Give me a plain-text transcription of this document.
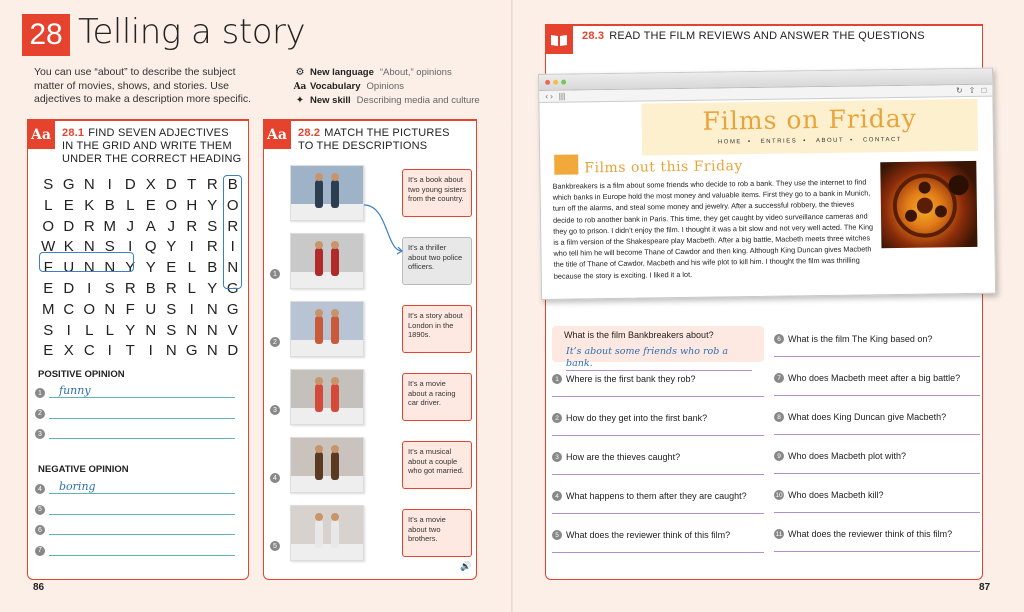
28 Telling a story
You can use “about” to describe the subject matter of movies, shows, and stories. Use adjectives to make a description more specific.
⚙ New language “About,” opinions
Aa Vocabulary Opinions
✦ New skill Describing media and culture
Aa	28.1 FIND SEVEN ADJECTIVES IN THE GRID AND WRITE THEM UNDER THE CORRECT HEADING
S G N I D X D T R B
L E K B L E O H Y O
O D R M J A J R S R
W K N S I Q Y I R I
F U N N Y Y E L B N
E D I S R B R L Y G
M C O N F U S I N G
S I L L Y N S N N V
E X C I T I N G N D
POSITIVE OPINION
1	funny
2
3
NEGATIVE OPINION
4	boring
5
6
7
Aa	28.2 MATCH THE PICTURES TO THE DESCRIPTIONS
It’s a book about two young sisters from the country.
1
It’s a thriller about two police officers.
2
It’s a story about London in the 1890s.
3
It’s a movie about a racing car driver.
4
It’s a musical about a couple who got married.
5
It’s a movie about two brothers.
🔊
86
28.3 READ THE FILM REVIEWS AND ANSWER THE QUESTIONS
‹ › |||
↻ ⇧ □
Films on Friday
HOME • ENTRIES • ABOUT • CONTACT
Films out this Friday
Bankbreakers is a film about some friends who decide to rob a bank. They use the internet to find which banks in Europe hold the most money and valuable items. First they go to a bank in Munich, turn off the alarms, and steal some money and jewelry. After a successful robbery, the thieves decide to rob another bank in Paris. This time, they get caught by video surveillance cameras and they go to prison. I didn’t enjoy the film. I thought it was a bit slow and not very well acted. The King is a film version of the Shakespeare play Macbeth. After a big battle, Macbeth meets three witches who tell him he will become Thane of Cawdor and then king. Although King Duncan gives Macbeth the title of Thane of Cawdor, Macbeth and his wife plot to kill him. I thought the film was thrilling because the story is exciting. I liked it a lot.
What is the film Bankbreakers about?
It’s about some friends who rob a bank.
1 Where is the first bank they rob?
2 How do they get into the first bank?
3 How are the thieves caught?
4 What happens to them after they are caught?
5 What does the reviewer think of this film?
6 What is the film The King based on?
7 Who does Macbeth meet after a big battle?
8 What does King Duncan give Macbeth?
9 Who does Macbeth plot with?
10 Who does Macbeth kill?
11 What does the reviewer think of this film?
87
